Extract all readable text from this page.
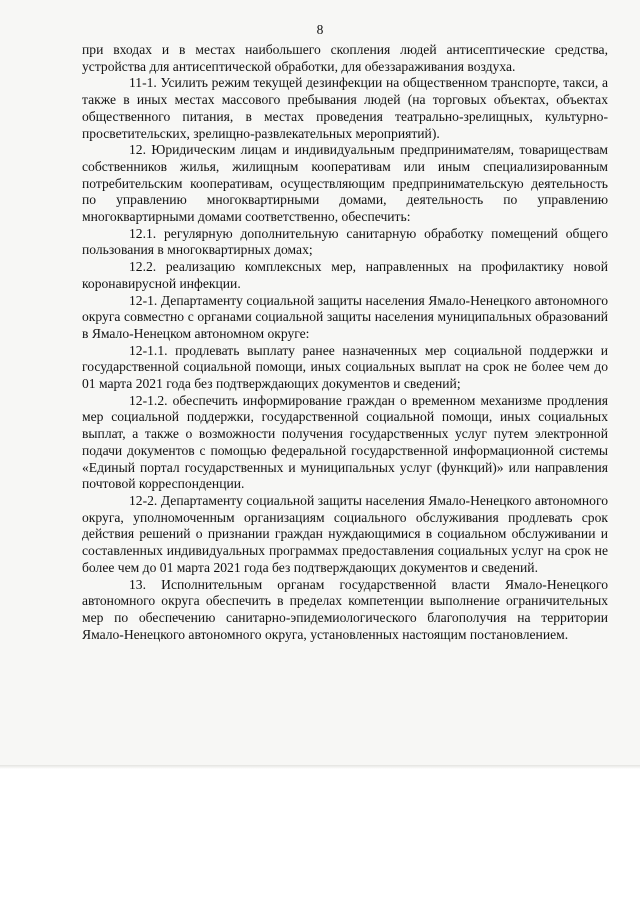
8

при входах и в местах наибольшего скопления людей антисептические средства, устройства для антисептической обработки, для обеззараживания воздуха.

11-1. Усилить режим текущей дезинфекции на общественном транспорте, такси, а также в иных местах массового пребывания людей (на торговых объектах, объектах общественного питания, в местах проведения театрально-зрелищных, культурно-просветительских, зрелищно-развлекательных мероприятий).

12. Юридическим лицам и индивидуальным предпринимателям, товариществам собственников жилья, жилищным кооперативам или иным специализированным потребительским кооперативам, осуществляющим предпринимательскую деятельность по управлению многоквартирными домами, деятельность по управлению многоквартирными домами соответственно, обеспечить:

12.1. регулярную дополнительную санитарную обработку помещений общего пользования в многоквартирных домах;

12.2. реализацию комплексных мер, направленных на профилактику новой коронавирусной инфекции.

12-1. Департаменту социальной защиты населения Ямало-Ненецкого автономного округа совместно с органами социальной защиты населения муниципальных образований в Ямало-Ненецком автономном округе:

12-1.1. продлевать выплату ранее назначенных мер социальной поддержки и государственной социальной помощи, иных социальных выплат на срок не более чем до 01 марта 2021 года без подтверждающих документов и сведений;

12-1.2. обеспечить информирование граждан о временном механизме продления мер социальной поддержки, государственной социальной помощи, иных социальных выплат, а также о возможности получения государственных услуг путем электронной подачи документов с помощью федеральной государственной информационной системы «Единый портал государственных и муниципальных услуг (функций)» или направления почтовой корреспонденции.

12-2. Департаменту социальной защиты населения Ямало-Ненецкого автономного округа, уполномоченным организациям социального обслуживания продлевать срок действия решений о признании граждан нуждающимися в социальном обслуживании и составленных индивидуальных программах предоставления социальных услуг на срок не более чем до 01 марта 2021 года без подтверждающих документов и сведений.

13. Исполнительным органам государственной власти Ямало-Ненецкого автономного округа обеспечить в пределах компетенции выполнение ограничительных мер по обеспечению санитарно-эпидемиологического благополучия на территории Ямало-Ненецкого автономного округа, установленных настоящим постановлением.
